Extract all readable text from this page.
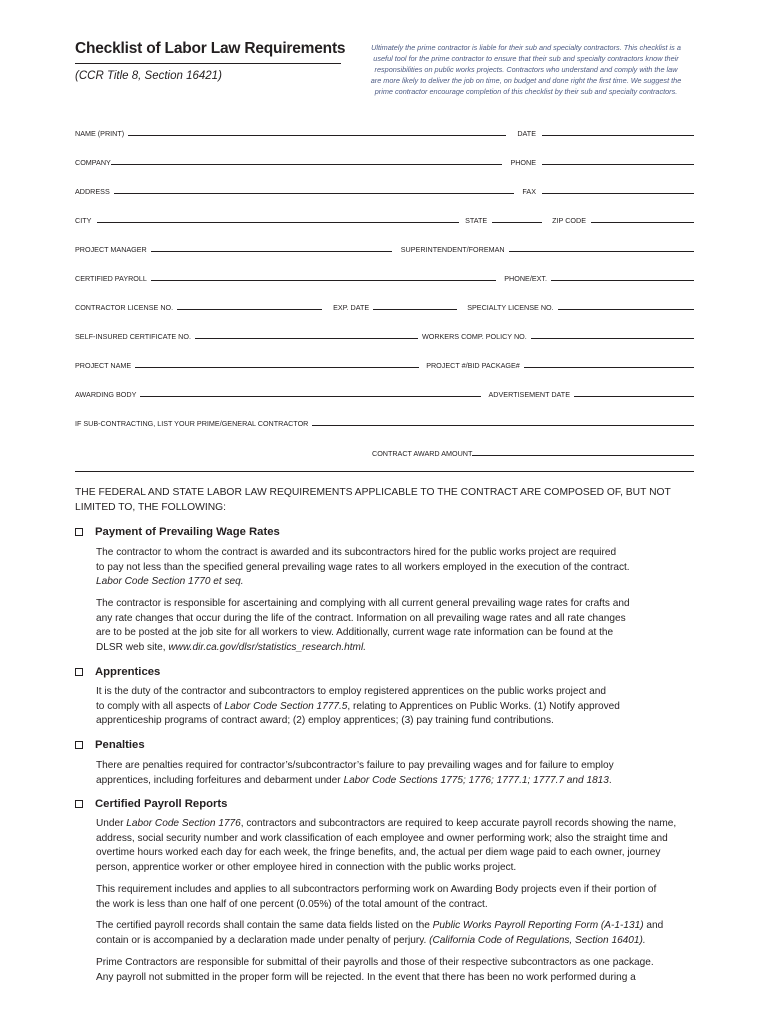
Checklist of Labor Law Requirements
(CCR Title 8, Section 16421)
Ultimately the prime contractor is liable for their sub and specialty contractors. This checklist is a
useful tool for the prime contractor to ensure that their sub and specialty contractors know their
responsibilities on public works projects. Contractors who understand and comply with the law
are more likely to deliver the job on time, on budget and done right the first time. We suggest the
prime contractor encourage completion of this checklist by their sub and specialty contractors.
NAME (PRINT)	DATE
COMPANY	PHONE
ADDRESS	FAX
CITY	STATE	ZIP CODE
PROJECT MANAGER	SUPERINTENDENT/FOREMAN
CERTIFIED PAYROLL	PHONE/EXT.
CONTRACTOR LICENSE NO.	EXP. DATE	SPECIALTY LICENSE NO.
SELF-INSURED CERTIFICATE NO.	WORKERS COMP. POLICY NO.
PROJECT NAME	PROJECT #/BID PACKAGE#
AWARDING BODY	ADVERTISEMENT DATE
IF SUB-CONTRACTING, LIST YOUR PRIME/GENERAL CONTRACTOR
CONTRACT AWARD AMOUNT
THE FEDERAL AND STATE LABOR LAW REQUIREMENTS APPLICABLE TO THE CONTRACT ARE COMPOSED OF, BUT NOT
LIMITED TO, THE FOLLOWING:
Payment of Prevailing Wage Rates
The contractor to whom the contract is awarded and its subcontractors hired for the public works project are required
to pay not less than the specified general prevailing wage rates to all workers employed in the execution of the contract.
Labor Code Section 1770 et seq.
The contractor is responsible for ascertaining and complying with all current general prevailing wage rates for crafts and
any rate changes that occur during the life of the contract. Information on all prevailing wage rates and all rate changes
are to be posted at the job site for all workers to view. Additionally, current wage rate information can be found at the
DLSR web site, www.dir.ca.gov/dlsr/statistics_research.html.
Apprentices
It is the duty of the contractor and subcontractors to employ registered apprentices on the public works project and
to comply with all aspects of Labor Code Section 1777.5, relating to Apprentices on Public Works. (1) Notify approved
apprenticeship programs of contract award; (2) employ apprentices; (3) pay training fund contributions.
Penalties
There are penalties required for contractor’s/subcontractor’s failure to pay prevailing wages and for failure to employ
apprentices, including forfeitures and debarment under Labor Code Sections 1775; 1776; 1777.1; 1777.7 and 1813.
Certified Payroll Reports
Under Labor Code Section 1776, contractors and subcontractors are required to keep accurate payroll records showing the name,
address, social security number and work classification of each employee and owner performing work; also the straight time and
overtime hours worked each day for each week, the fringe benefits, and, the actual per diem wage paid to each owner, journey
person, apprentice worker or other employee hired in connection with the public works project.
This requirement includes and applies to all subcontractors performing work on Awarding Body projects even if their portion of
the work is less than one half of one percent (0.05%) of the total amount of the contract.
The certified payroll records shall contain the same data fields listed on the Public Works Payroll Reporting Form (A-1-131) and
contain or is accompanied by a declaration made under penalty of perjury. (California Code of Regulations, Section 16401).
Prime Contractors are responsible for submittal of their payrolls and those of their respective subcontractors as one package.
Any payroll not submitted in the proper form will be rejected. In the event that there has been no work performed during a
